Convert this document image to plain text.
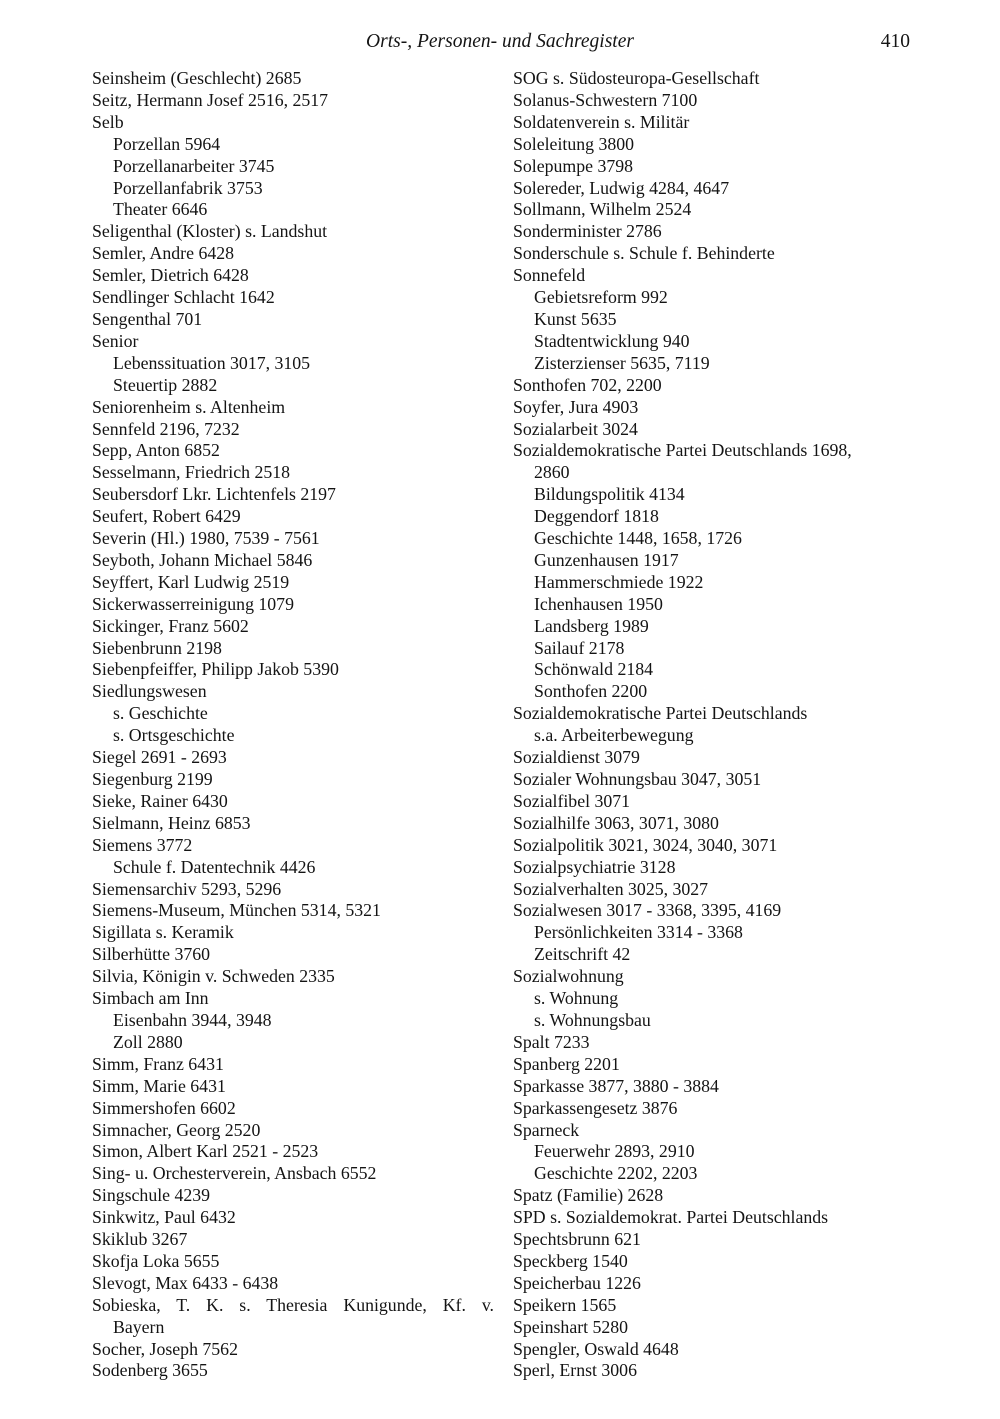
Orts-, Personen- und Sachregister	410
Seinsheim (Geschlecht) 2685
Seitz, Hermann Josef 2516, 2517
Selb
Porzellan 5964
Porzellanarbeiter 3745
Porzellanfabrik 3753
Theater 6646
Seligenthal (Kloster) s. Landshut
Semler, Andre 6428
Semler, Dietrich 6428
Sendlinger Schlacht 1642
Sengenthal 701
Senior
Lebenssituation 3017, 3105
Steuertip 2882
Seniorenheim s. Altenheim
Sennfeld 2196, 7232
Sepp, Anton 6852
Sesselmann, Friedrich 2518
Seubersdorf Lkr. Lichtenfels 2197
Seufert, Robert 6429
Severin (Hl.) 1980, 7539 - 7561
Seyboth, Johann Michael 5846
Seyffert, Karl Ludwig 2519
Sickerwasserreinigung 1079
Sickinger, Franz 5602
Siebenbrunn 2198
Siebenpfeiffer, Philipp Jakob 5390
Siedlungswesen
s. Geschichte
s. Ortsgeschichte
Siegel 2691 - 2693
Siegenburg 2199
Sieke, Rainer 6430
Sielmann, Heinz 6853
Siemens 3772
Schule f. Datentechnik 4426
Siemensarchiv 5293, 5296
Siemens-Museum, München 5314, 5321
Sigillata s. Keramik
Silberhütte 3760
Silvia, Königin v. Schweden 2335
Simbach am Inn
Eisenbahn 3944, 3948
Zoll 2880
Simm, Franz 6431
Simm, Marie 6431
Simmershofen 6602
Simnacher, Georg 2520
Simon, Albert Karl 2521 - 2523
Sing- u. Orchesterverein, Ansbach 6552
Singschule 4239
Sinkwitz, Paul 6432
Skiklub 3267
Skofja Loka 5655
Slevogt, Max 6433 - 6438
Sobieska, T. K. s. Theresia Kunigunde, Kf. v.
Bayern
Socher, Joseph 7562
Sodenberg 3655
SOG s. Südosteuropa-Gesellschaft
Solanus-Schwestern 7100
Soldatenverein s. Militär
Soleleitung 3800
Solepumpe 3798
Solereder, Ludwig 4284, 4647
Sollmann, Wilhelm 2524
Sonderminister 2786
Sonderschule s. Schule f. Behinderte
Sonnefeld
Gebietsreform 992
Kunst 5635
Stadtentwicklung 940
Zisterzienser 5635, 7119
Sonthofen 702, 2200
Soyfer, Jura 4903
Sozialarbeit 3024
Sozialdemokratische Partei Deutschlands 1698,
2860
Bildungspolitik 4134
Deggendorf 1818
Geschichte 1448, 1658, 1726
Gunzenhausen 1917
Hammerschmiede 1922
Ichenhausen 1950
Landsberg 1989
Sailauf 2178
Schönwald 2184
Sonthofen 2200
Sozialdemokratische Partei Deutschlands
s.a. Arbeiterbewegung
Sozialdienst 3079
Sozialer Wohnungsbau 3047, 3051
Sozialfibel 3071
Sozialhilfe 3063, 3071, 3080
Sozialpolitik 3021, 3024, 3040, 3071
Sozialpsychiatrie 3128
Sozialverhalten 3025, 3027
Sozialwesen 3017 - 3368, 3395, 4169
Persönlichkeiten 3314 - 3368
Zeitschrift 42
Sozialwohnung
s. Wohnung
s. Wohnungsbau
Spalt 7233
Spanberg 2201
Sparkasse 3877, 3880 - 3884
Sparkassengesetz 3876
Sparneck
Feuerwehr 2893, 2910
Geschichte 2202, 2203
Spatz (Familie) 2628
SPD s. Sozialdemokrat. Partei Deutschlands
Spechtsbrunn 621
Speckberg 1540
Speicherbau 1226
Speikern 1565
Speinshart 5280
Spengler, Oswald 4648
Sperl, Ernst 3006
